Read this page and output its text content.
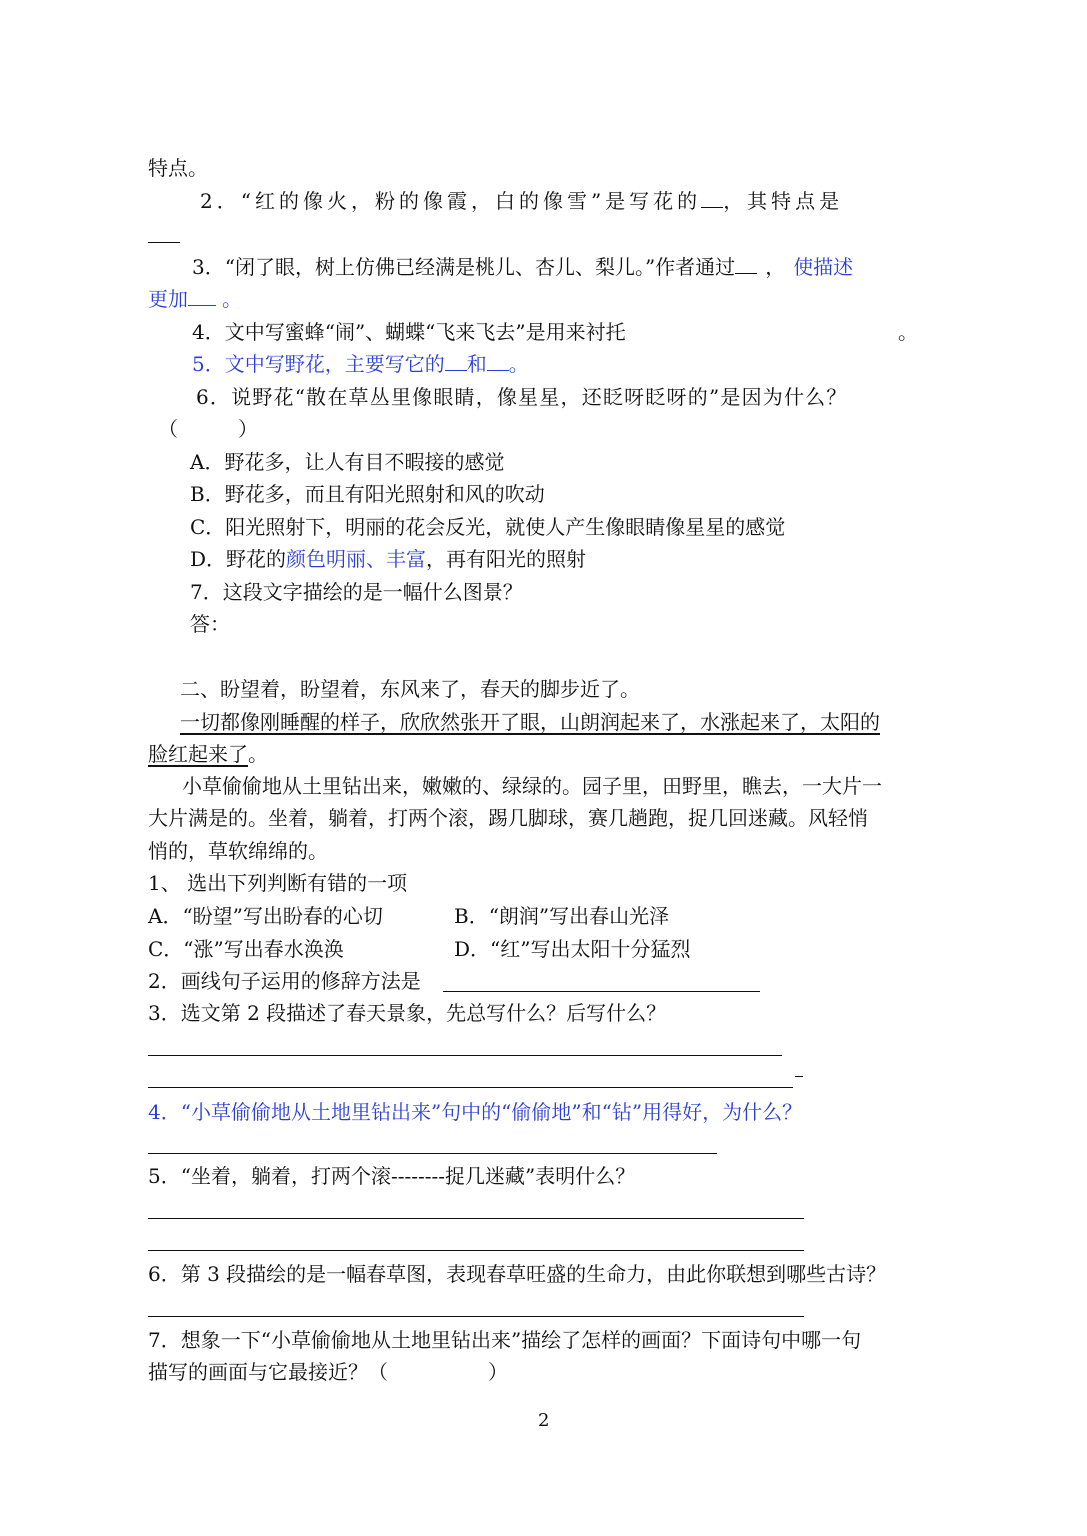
特点。
2．“红的像火，粉的像霞，白的像雪”是写花的 ，其特点是
3．“闭了眼，树上仿佛已经满是桃儿、杏儿、梨儿。”作者通过 ， 使描述
更加 。
4．文中写蜜蜂“闹”、蝴蝶“飞来飞去”是用来衬托	。
5．文中写野花，主要写它的 和 。
6．说野花“散在草丛里像眼睛，像星星，还眨呀眨呀的”是因为什么？
（　　　）
A．野花多，让人有目不暇接的感觉
B．野花多，而且有阳光照射和风的吹动
C．阳光照射下，明丽的花会反光，就使人产生像眼睛像星星的感觉
D．野花的颜色明丽、丰富，再有阳光的照射
7．这段文字描绘的是一幅什么图景？
答：
二、盼望着，盼望着，东风来了，春天的脚步近了。
一切都像刚睡醒的样子，欣欣然张开了眼，山朗润起来了，水涨起来了，太阳的
脸红起来了。
小草偷偷地从土里钻出来，嫩嫩的、绿绿的。园子里，田野里，瞧去，一大片一
大片满是的。坐着，躺着，打两个滚，踢几脚球，赛几趟跑，捉几回迷藏。风轻悄
悄的，草软绵绵的。
1、 选出下列判断有错的一项
A．“盼望”写出盼春的心切	B．“朗润”写出春山光泽
C．“涨”写出春水涣涣	D．“红”写出太阳十分猛烈
2．画线句子运用的修辞方法是
3．选文第 2 段描述了春天景象，先总写什么？后写什么？
4．“小草偷偷地从土地里钻出来”句中的“偷偷地”和“钻”用得好，为什么？
5．“坐着，躺着，打两个滚--------捉几迷藏”表明什么？
6．第 3 段描绘的是一幅春草图，表现春草旺盛的生命力，由此你联想到哪些古诗？
7．想象一下“小草偷偷地从土地里钻出来”描绘了怎样的画面？下面诗句中哪一句
描写的画面与它最接近？（　　　　　）
2
